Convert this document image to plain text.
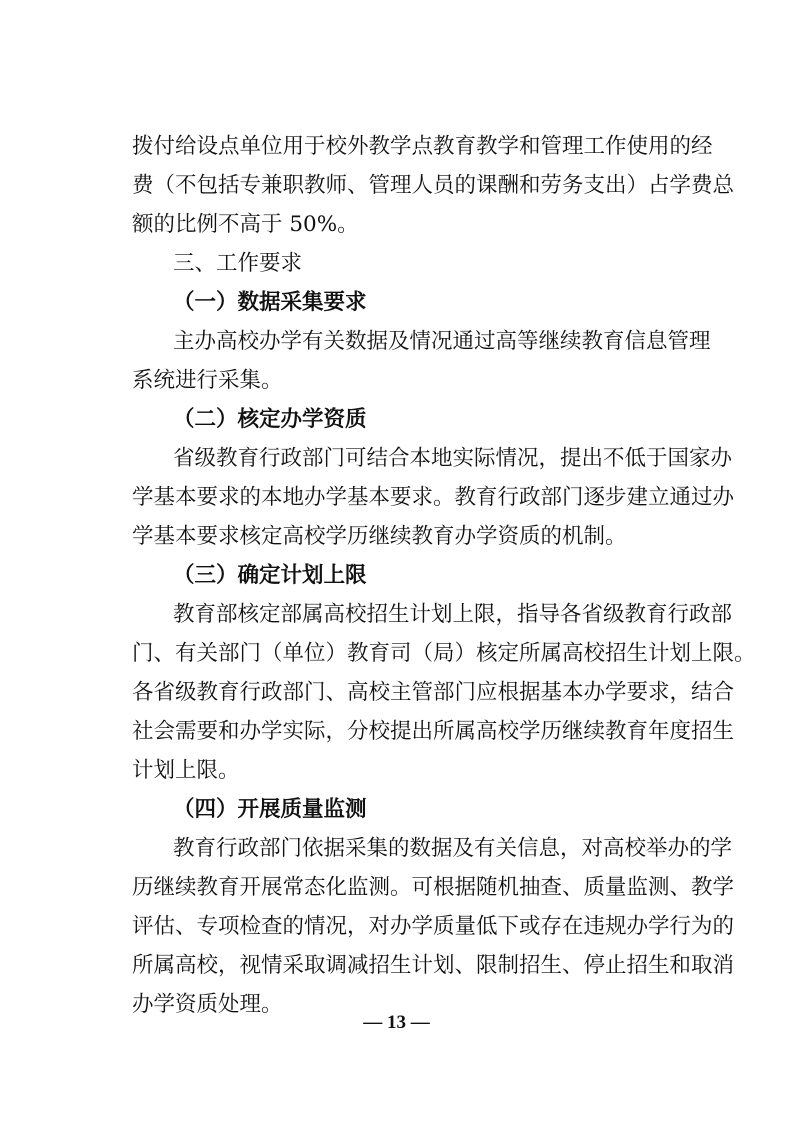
拨付给设点单位用于校外教学点教育教学和管理工作使用的经
费（不包括专兼职教师、管理人员的课酬和劳务支出）占学费总
额的比例不高于 50%。
三、工作要求
（一）数据采集要求
主办高校办学有关数据及情况通过高等继续教育信息管理
系统进行采集。
（二）核定办学资质
省级教育行政部门可结合本地实际情况，提出不低于国家办
学基本要求的本地办学基本要求。教育行政部门逐步建立通过办
学基本要求核定高校学历继续教育办学资质的机制。
（三）确定计划上限
教育部核定部属高校招生计划上限，指导各省级教育行政部
门、有关部门（单位）教育司（局）核定所属高校招生计划上限。
各省级教育行政部门、高校主管部门应根据基本办学要求，结合
社会需要和办学实际，分校提出所属高校学历继续教育年度招生
计划上限。
（四）开展质量监测
教育行政部门依据采集的数据及有关信息，对高校举办的学
历继续教育开展常态化监测。可根据随机抽查、质量监测、教学
评估、专项检查的情况，对办学质量低下或存在违规办学行为的
所属高校，视情采取调减招生计划、限制招生、停止招生和取消
办学资质处理。
— 13 —
